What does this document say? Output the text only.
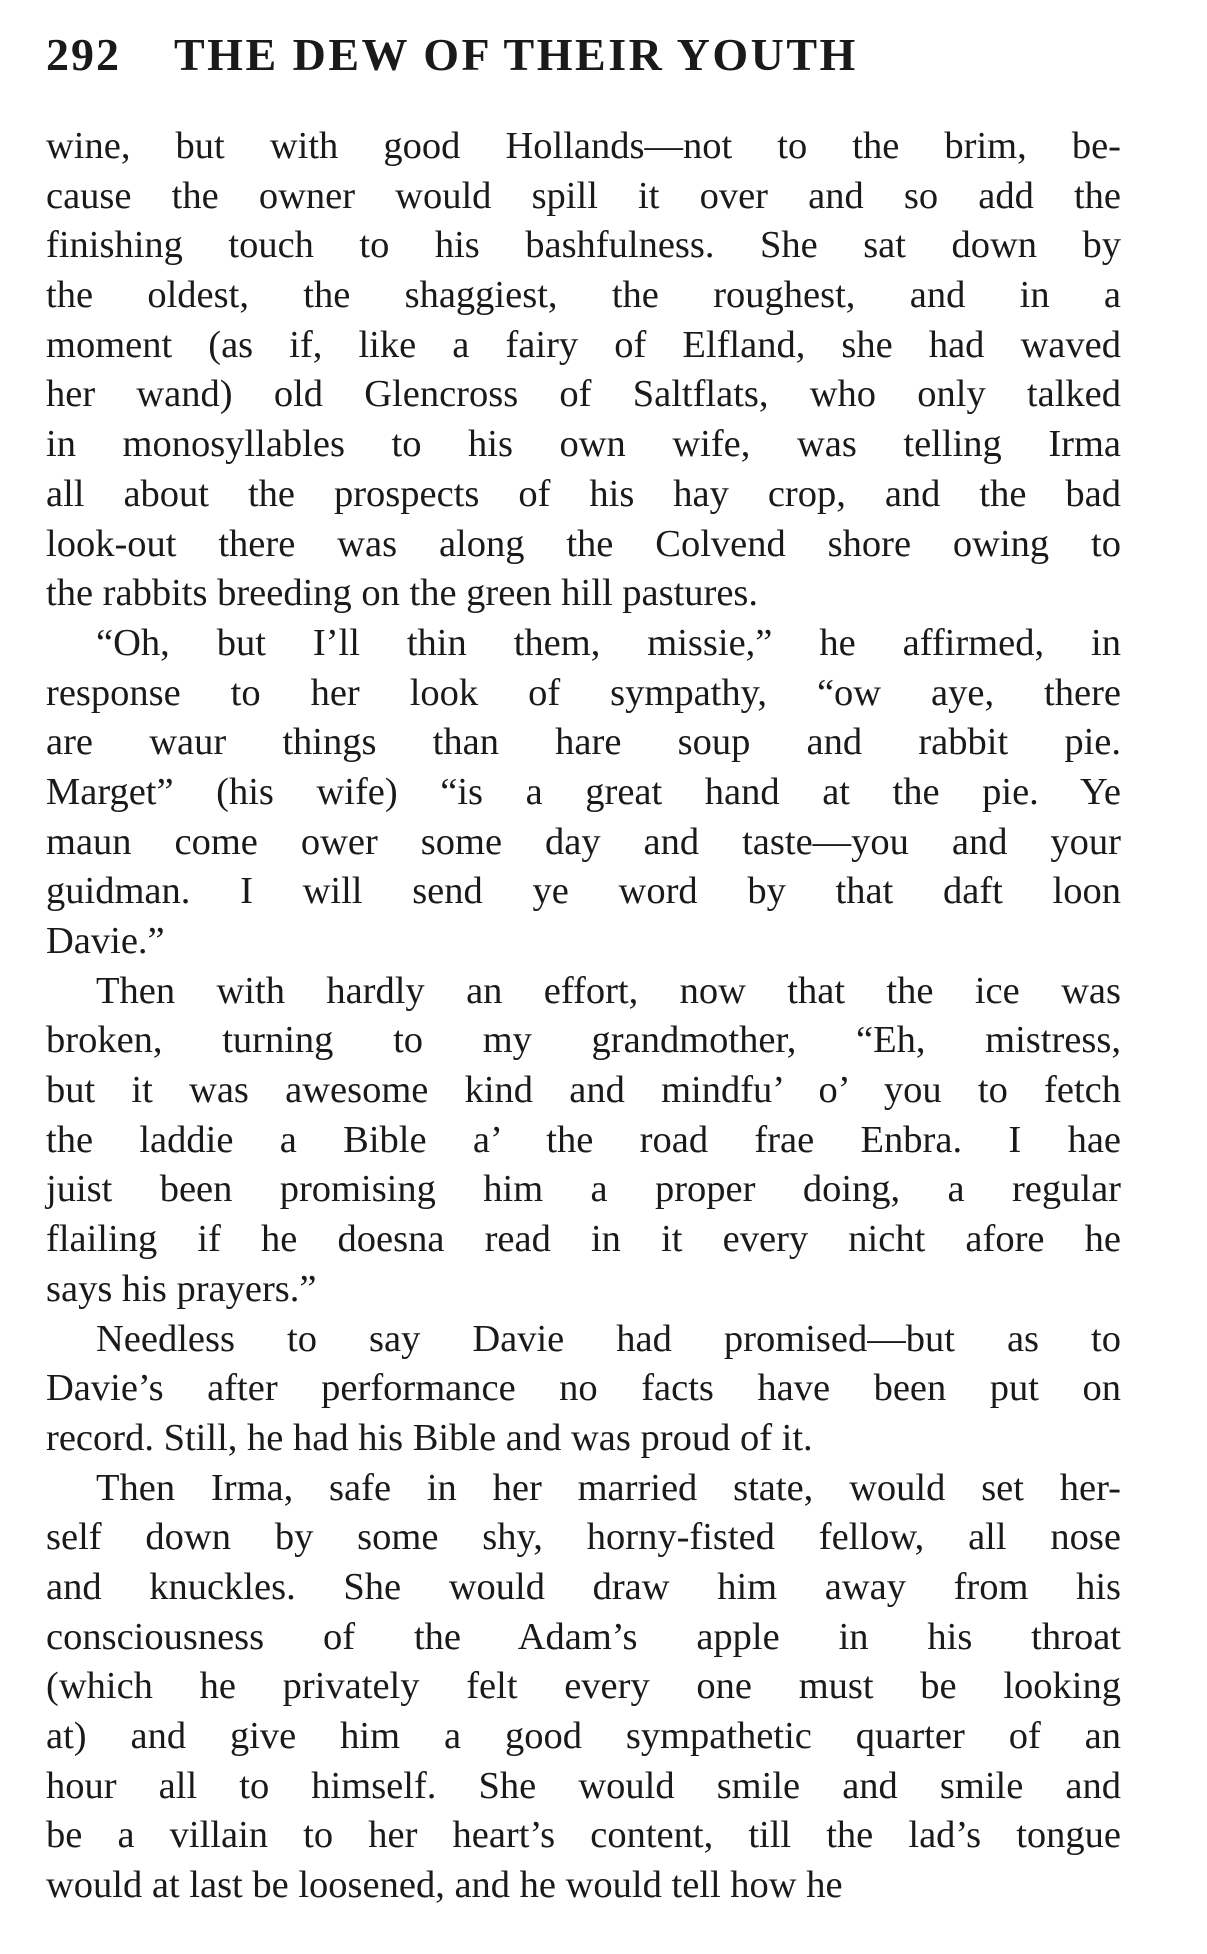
292	THE DEW OF THEIR YOUTH
wine, but with good Hollands—not to the brim, be-
cause the owner would spill it over and so add the
finishing touch to his bashfulness. She sat down by
the oldest, the shaggiest, the roughest, and in a
moment (as if, like a fairy of Elfland, she had waved
her wand) old Glencross of Saltflats, who only talked
in monosyllables to his own wife, was telling Irma
all about the prospects of his hay crop, and the bad
look-out there was along the Colvend shore owing to
the rabbits breeding on the green hill pastures.
“Oh, but I’ll thin them, missie,” he affirmed, in
response to her look of sympathy, “ow aye, there
are waur things than hare soup and rabbit pie.
Marget” (his wife) “is a great hand at the pie. Ye
maun come ower some day and taste—you and your
guidman. I will send ye word by that daft loon
Davie.”
Then with hardly an effort, now that the ice was
broken, turning to my grandmother, “Eh, mistress,
but it was awesome kind and mindfu’ o’ you to fetch
the laddie a Bible a’ the road frae Enbra. I hae
juist been promising him a proper doing, a regular
flailing if he doesna read in it every nicht afore he
says his prayers.”
Needless to say Davie had promised—but as to
Davie’s after performance no facts have been put on
record. Still, he had his Bible and was proud of it.
Then Irma, safe in her married state, would set her-
self down by some shy, horny-fisted fellow, all nose
and knuckles. She would draw him away from his
consciousness of the Adam’s apple in his throat
(which he privately felt every one must be looking
at) and give him a good sympathetic quarter of an
hour all to himself. She would smile and smile and
be a villain to her heart’s content, till the lad’s tongue
would at last be loosened, and he would tell how he
